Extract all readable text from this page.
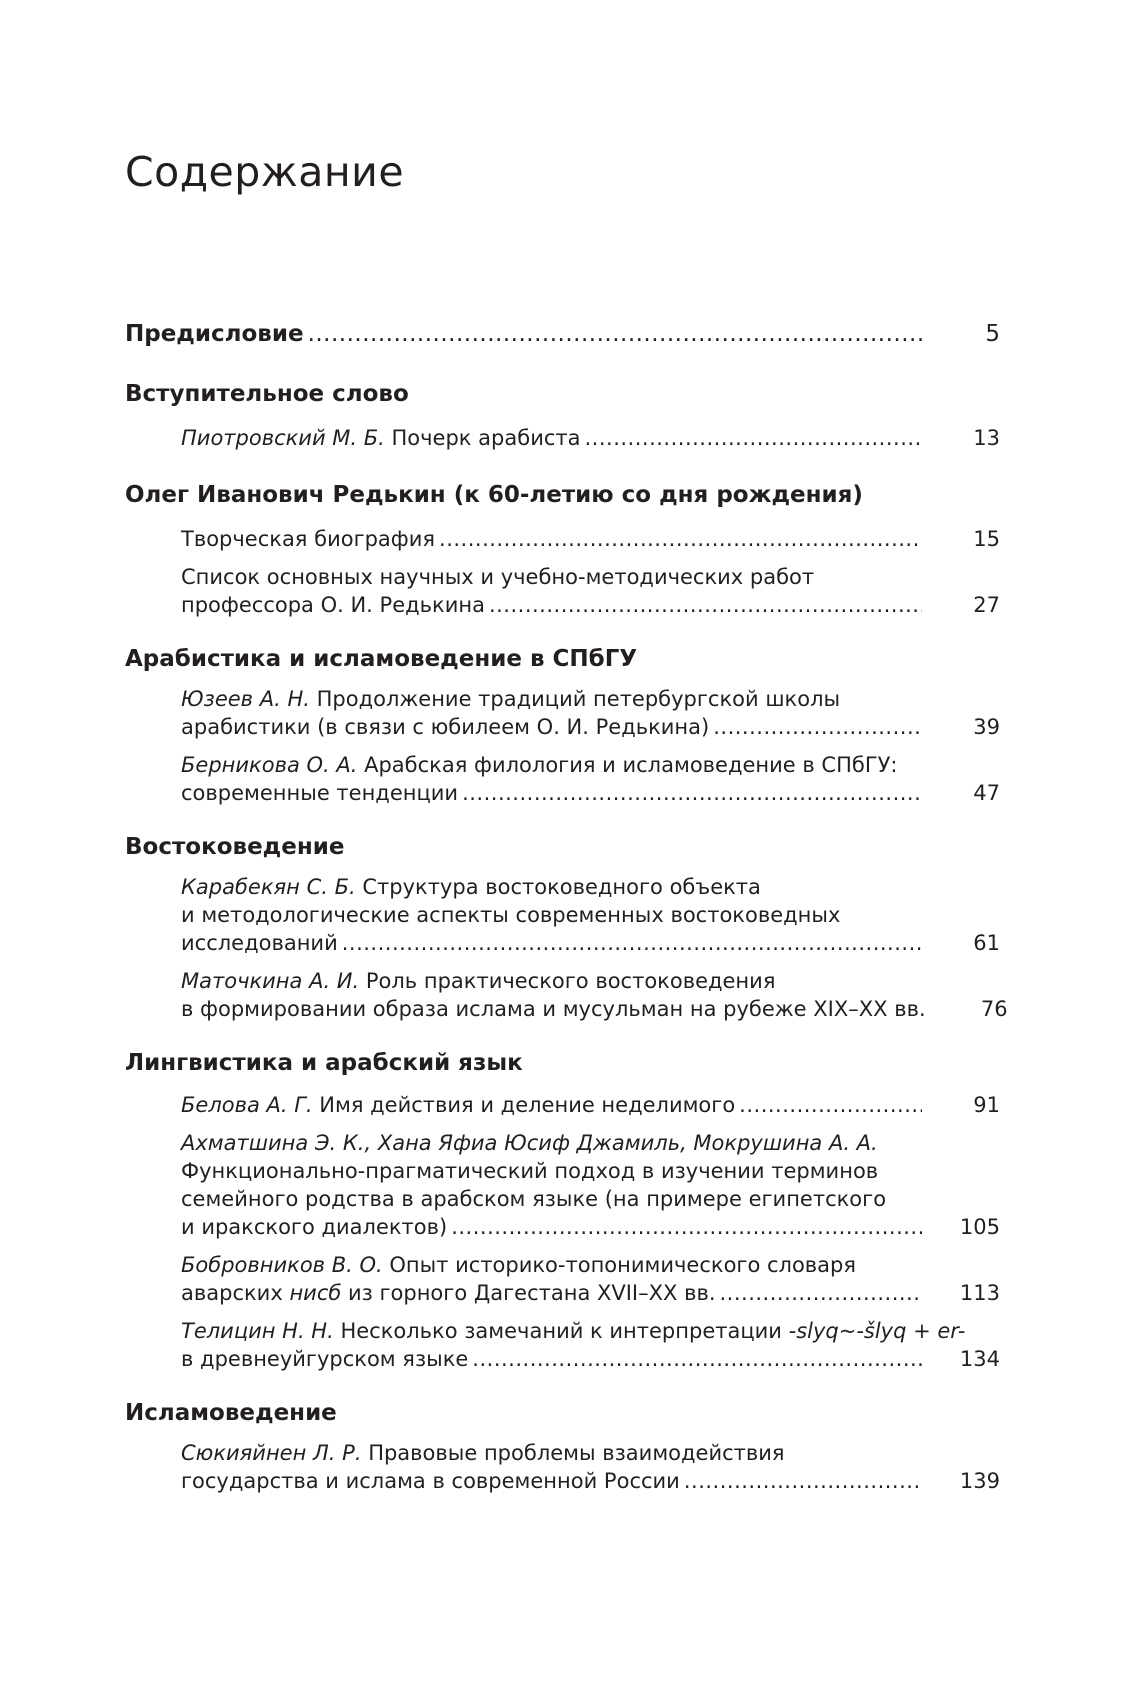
Содержание
Предисловие .....	5
Вступительное слово
Пиотровский М. Б. Почерк арабиста .....	13
Олег Иванович Редькин (к 60-летию со дня рождения)
Творческая биография .....	15
Список основных научных и учебно-методических работ
профессора О. И. Редькина .....	27
Арабистика и исламоведение в СПбГУ
Юзеев А. Н. Продолжение традиций петербургской школы
арабистики (в связи с юбилеем О. И. Редькина) .....	39
Берникова О. А. Арабская филология и исламоведение в СПбГУ:
современные тенденции .....	47
Востоковедение
Карабекян С. Б. Структура востоковедного объекта
и методологические аспекты современных востоковедных
исследований .....	61
Маточкина А. И. Роль практического востоковедения
в формировании образа ислама и мусульман на рубеже XIX–XX вв.	76
Лингвистика и арабский язык
Белова А. Г. Имя действия и деление неделимого .....	91
Ахматшина Э. К., Хана Яфиа Юсиф Джамиль, Мокрушина А. А.
Функционально-прагматический подход в изучении терминов
семейного родства в арабском языке (на примере египетского
и иракского диалектов) .....	105
Бобровников В. О. Опыт историко-топонимического словаря
аварских нисб из горного Дагестана XVII–XX вв. .....	113
Телицин Н. Н. Несколько замечаний к интерпретации -slyq~-šlyq + er-
в древнеуйгурском языке .....	134
Исламоведение
Сюкияйнен Л. Р. Правовые проблемы взаимодействия
государства и ислама в современной России .....	139
